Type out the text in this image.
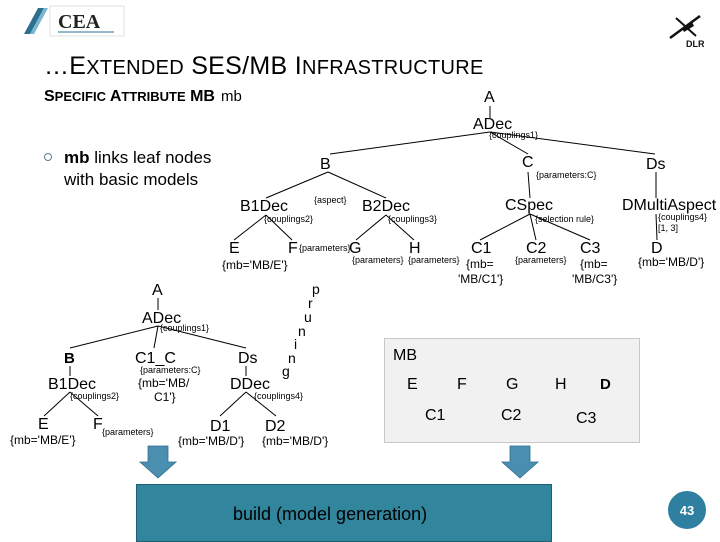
CEA
DLR
…EXTENDED SES/MB INFRASTRUCTURE
SPECIFIC ATTRIBUTE MB mb
mb links leaf nodes
with basic models
A
ADec
{couplings1}
B	C
{parameters:C}
Ds
{aspect}
B1Dec
{couplings2}
B2Dec
{couplings3}
CSpec
{selection rule}
DMultiAspect
{couplings4}
[1, 3]
E	F {parameters}
G
{parameters}
H
{parameters}
C1 C2
{parameters}
C3	D
{mb='MB/E'}	{mb=
'MB/C1'}
{mb=
'MB/C3'}
{mb='MB/D'}
p
r
u
n
i
n
g
A
ADec
{couplings1}
B	C1_C
{parameters:C}
{mb='MB/
C1'}
Ds
B1Dec
{couplings2}
DDec
{couplings4}
E	F {parameters}	D1 D2
{mb='MB/E'}	{mb='MB/D'} {mb='MB/D'}
MB
E F G H D
C1	C2	C3
build (model generation)	43
